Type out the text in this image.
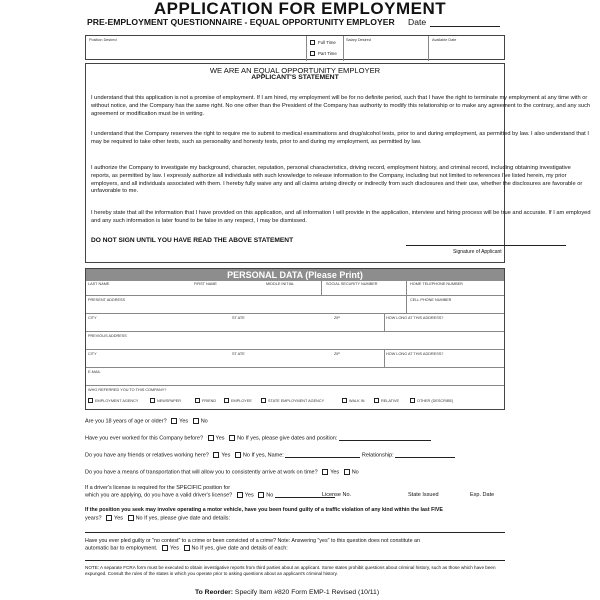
APPLICATION FOR EMPLOYMENT
PRE-EMPLOYMENT QUESTIONNAIRE - EQUAL OPPORTUNITY EMPLOYER Date
Position Desired	Full Time
Part Time
Salary Desired	Available Date
WE ARE AN EQUAL OPPORTUNITY EMPLOYER
APPLICANT'S STATEMENT
I understand that this application is not a promise of employment. If I am hired, my employment will be for no definite period, such that I have the right to terminate my employment at any time with or without notice, and the Company has the same right. No one other than the President of the Company has authority to modify this relationship or to make any agreement to the contrary, and any such agreement or modification must be in writing.
I understand that the Company reserves the right to require me to submit to medical examinations and drug/alcohol tests, prior to and during employment, as permitted by law. I also understand that I may be required to take other tests, such as personality and honesty tests, prior to and during my employment, as permitted by law.
I authorize the Company to investigate my background, character, reputation, personal characteristics, driving record, employment history, and criminal record, including obtaining investigative reports, as permitted by law. I expressly authorize all individuals with such knowledge to release information to the Company, including but not limited to references I've listed herein, my prior employers, and all individuals associated with them. I hereby fully waive any and all claims arising directly or indirectly from such disclosures and their use, whether the disclosures are favorable or unfavorable to me.
I hereby state that all the information that I have provided on this application, and all information I will provide in the application, interview and hiring process will be true and accurate. If I am employed and any such information is later found to be false in any respect, I may be dismissed.
DO NOT SIGN UNTIL YOU HAVE READ THE ABOVE STATEMENT
Signature of Applicant
PERSONAL DATA (Please Print)
LAST NAME	FIRST NAME	MIDDLE INITIAL	SOCIAL SECURITY NUMBER	HOME TELEPHONE NUMBER
PRESENT ADDRESS	CELL PHONE NUMBER
CITY	ST ATE	ZIP	HOW LONG AT THIS ADDRESS?
PREVIOUS ADDRESS
CITY	ST ATE	ZIP	HOW LONG AT THIS ADDRESS?
E-MAIL
WHO REFERRED YOU TO THIS COMPANY?
EMPLOYMENT AGENCY	NEWSPAPER	FRIEND	EMPLOYEE	STATE EMPLOYMENT AGENCY	WALK IN	RELATIVE	OTHER (DESCRIBE)
Are you 18 years of age or older? Yes No
Have you ever worked for this Company before? Yes No If yes, please give dates and position:
Do you have any friends or relatives working here? Yes No If yes, Name:	Relationship:
Do you have a means of transportation that will allow you to consistently arrive at work on time? Yes No
If a driver's license is required for the SPECIFIC position for
which you are applying, do you have a valid driver's license? Yes No	License No.	State Issued	Exp. Date
If the position you seek may involve operating a motor vehicle, have you been found guilty of a traffic violation of any kind within the last FIVE
years? Yes No If yes, please give date and details:
Have you ever pled guilty or "no contest" to a crime or been convicted of a crime? Note: Answering "yes" to this question does not constitute an
automatic bar to employment. Yes No If yes, give date and details of each:
NOTE: A separate FCRA form must be executed to obtain investigative reports from third parties about an applicant. Some states prohibit questions about criminal history, such as those which have been expunged. Consult the rules of the states in which you operate prior to asking questions about an applicant's criminal history.
To Reorder: Specify Item #820 Form EMP-1 Revised (10/11)
